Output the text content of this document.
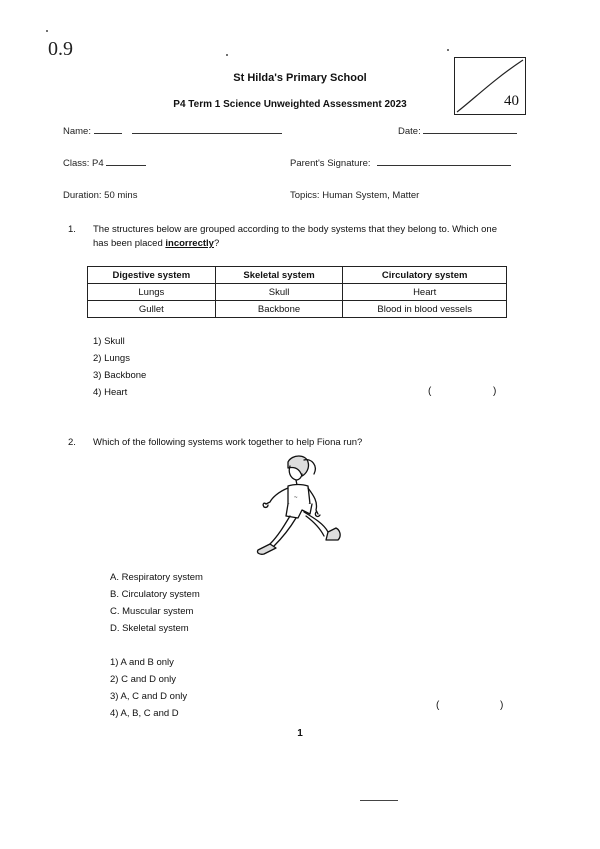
0.9
St Hilda's Primary School
P4 Term 1 Science Unweighted Assessment 2023	40
Name:	Date:
Class: P4	Parent's Signature:
Duration: 50 mins	Topics: Human System, Matter
1. The structures below are grouped according to the body systems that they belong to. Which one has been placed incorrectly?
Digestive system	Skeletal system	Circulatory system
Lungs	Skull	Heart
Gullet	Backbone	Blood in blood vessels
1) Skull
2) Lungs
3) Backbone
4) Heart	(	)
2. Which of the following systems work together to help Fiona run?
~
A. Respiratory system
B. Circulatory system
C. Muscular system
D. Skeletal system
1) A and B only
2) C and D only
3) A, C and D only
4) A, B, C and D
(	)
1
